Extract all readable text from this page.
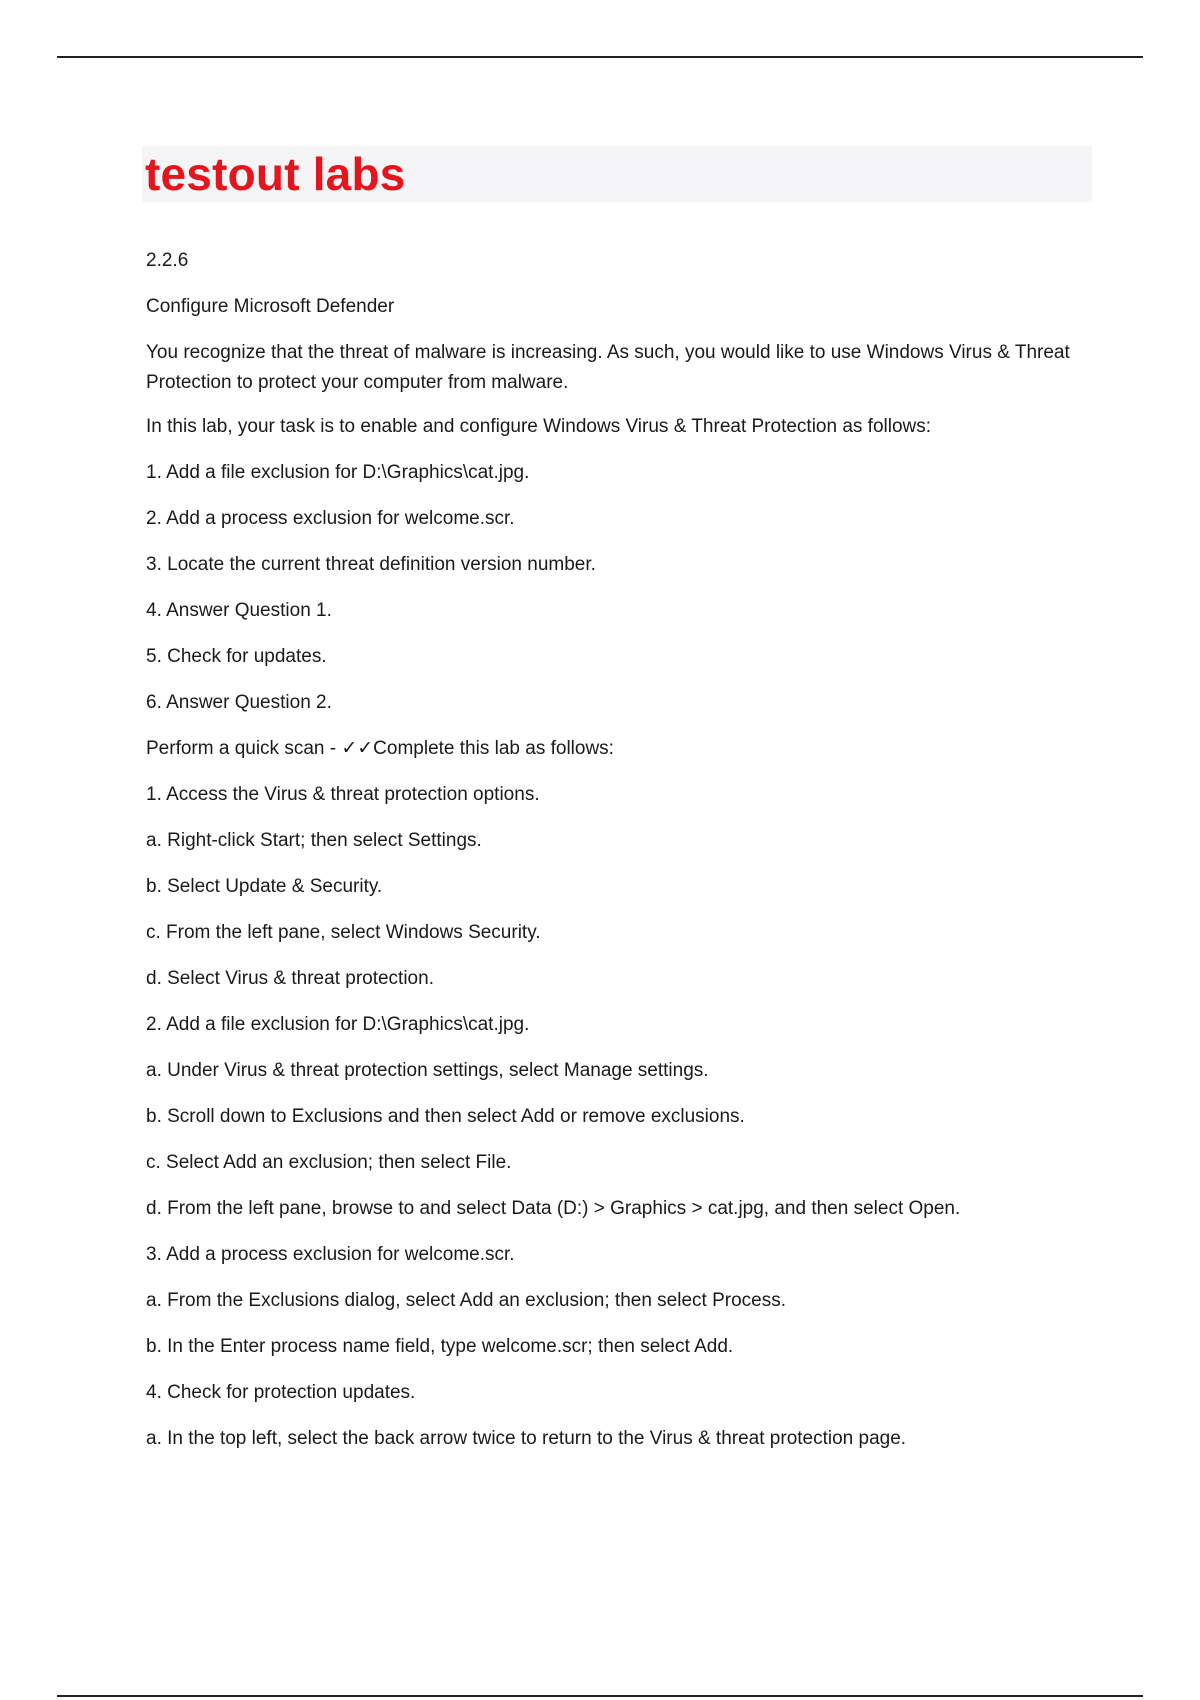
testout labs
2.2.6
Configure Microsoft Defender
You recognize that the threat of malware is increasing. As such, you would like to use Windows Virus & Threat Protection to protect your computer from malware.
In this lab, your task is to enable and configure Windows Virus & Threat Protection as follows:
1. Add a file exclusion for D:\Graphics\cat.jpg.
2. Add a process exclusion for welcome.scr.
3. Locate the current threat definition version number.
4. Answer Question 1.
5. Check for updates.
6. Answer Question 2.
Perform a quick scan - ✓✓Complete this lab as follows:
1. Access the Virus & threat protection options.
a. Right-click Start; then select Settings.
b. Select Update & Security.
c. From the left pane, select Windows Security.
d. Select Virus & threat protection.
2. Add a file exclusion for D:\Graphics\cat.jpg.
a. Under Virus & threat protection settings, select Manage settings.
b. Scroll down to Exclusions and then select Add or remove exclusions.
c. Select Add an exclusion; then select File.
d. From the left pane, browse to and select Data (D:) > Graphics > cat.jpg, and then select Open.
3. Add a process exclusion for welcome.scr.
a. From the Exclusions dialog, select Add an exclusion; then select Process.
b. In the Enter process name field, type welcome.scr; then select Add.
4. Check for protection updates.
a. In the top left, select the back arrow twice to return to the Virus & threat protection page.
